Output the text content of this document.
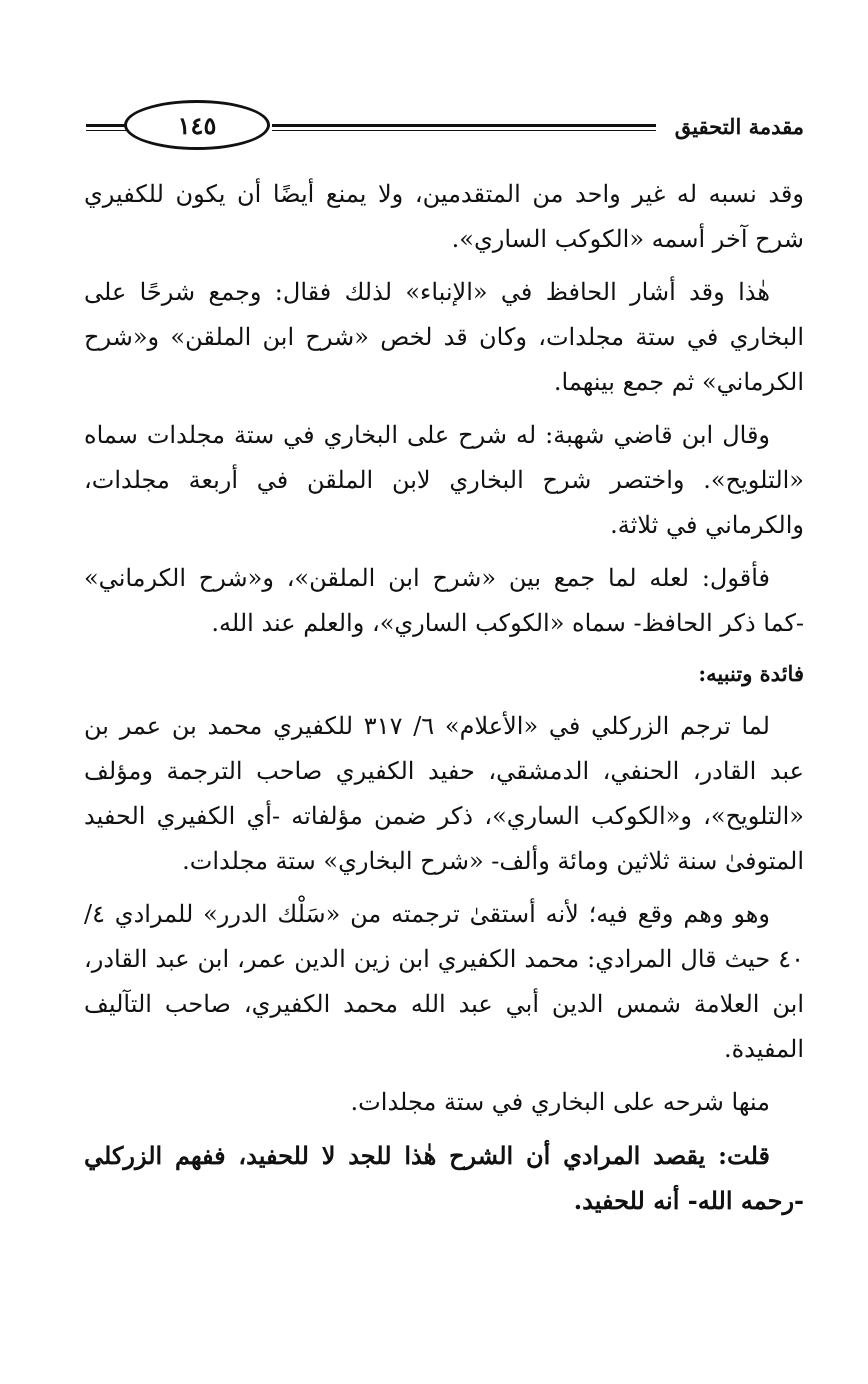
١٤٥	مقدمة التحقيق

وقد نسبه له غير واحد من المتقدمين، ولا يمنع أيضًا أن يكون للكفيري شرح آخر أسمه «الكوكب الساري».

هٰذا وقد أشار الحافظ في «الإنباء» لذلك فقال: وجمع شرحًا على البخاري في ستة مجلدات، وكان قد لخص «شرح ابن الملقن» و«شرح الكرماني» ثم جمع بينهما.

وقال ابن قاضي شهبة: له شرح على البخاري في ستة مجلدات سماه «التلويح». واختصر شرح البخاري لابن الملقن في أربعة مجلدات، والكرماني في ثلاثة.

فأقول: لعله لما جمع بين «شرح ابن الملقن»، و«شرح الكرماني» -كما ذكر الحافظ- سماه «الكوكب الساري»، والعلم عند الله.

فائدة وتنبيه:

لما ترجم الزركلي في «الأعلام» ٦/ ٣١٧ للكفيري محمد بن عمر بن عبد القادر، الحنفي، الدمشقي، حفيد الكفيري صاحب الترجمة ومؤلف «التلويح»، و«الكوكب الساري»، ذكر ضمن مؤلفاته -أي الكفيري الحفيد المتوفىٰ سنة ثلاثين ومائة وألف- «شرح البخاري» ستة مجلدات.

وهو وهم وقع فيه؛ لأنه أستقىٰ ترجمته من «سَلْك الدرر» للمرادي ٤/ ٤٠ حيث قال المرادي: محمد الكفيري ابن زين الدين عمر، ابن عبد القادر، ابن العلامة شمس الدين أبي عبد الله محمد الكفيري، صاحب التآليف المفيدة.

منها شرحه على البخاري في ستة مجلدات.

قلت: يقصد المرادي أن الشرح هٰذا للجد لا للحفيد، ففهم الزركلي -رحمه الله- أنه للحفيد.
